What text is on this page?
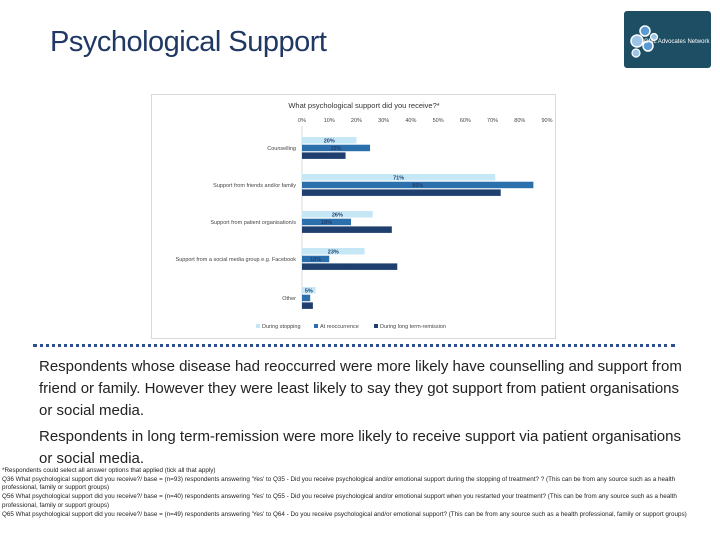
Psychological Support	CML Advocates Network
What psychological support did you receive?*
0%	10%	20%	30%	40%	50%	60%	70%	80%	90%
Counselling
Support from friends and/or family
Support from patient organisation/s
Support from a social media group e.g. Facebook
Other
20%
25%
16%
71%
85%
73%
26%
18%
33%
23%
10%
35%
5%
4%
During stopping	At reoccurrence	During long term-remission

Respondents whose disease had reoccurred were more likely have counselling and support from friend or family. However they were least likely to say they got support from patient organisations or social media.

Respondents in long term-remission were more likely to receive support via patient organisations or social media.

*Respondents could select all answer options that applied (tick all that apply)
Q36 What psychological support did you receive?/ base = (n=93) respondents answering 'Yes' to Q35 - Did you receive psychological and/or emotional support during the stopping of treatment? ? (This can be from any source such as a health professional, family or support groups)
Q56 What psychological support did you receive?/ base = (n=40) respondents answering 'Yes' to Q55 - Did you receive psychological and/or emotional support when you restarted your treatment? (This can be from any source such as a health professional, family or support groups)
Q65 What psychological support did you receive?/ base = (n=49) respondents answering 'Yes' to Q64 - Do you receive psychological and/or emotional support? (This can be from any source such as a health professional, family or support groups)
